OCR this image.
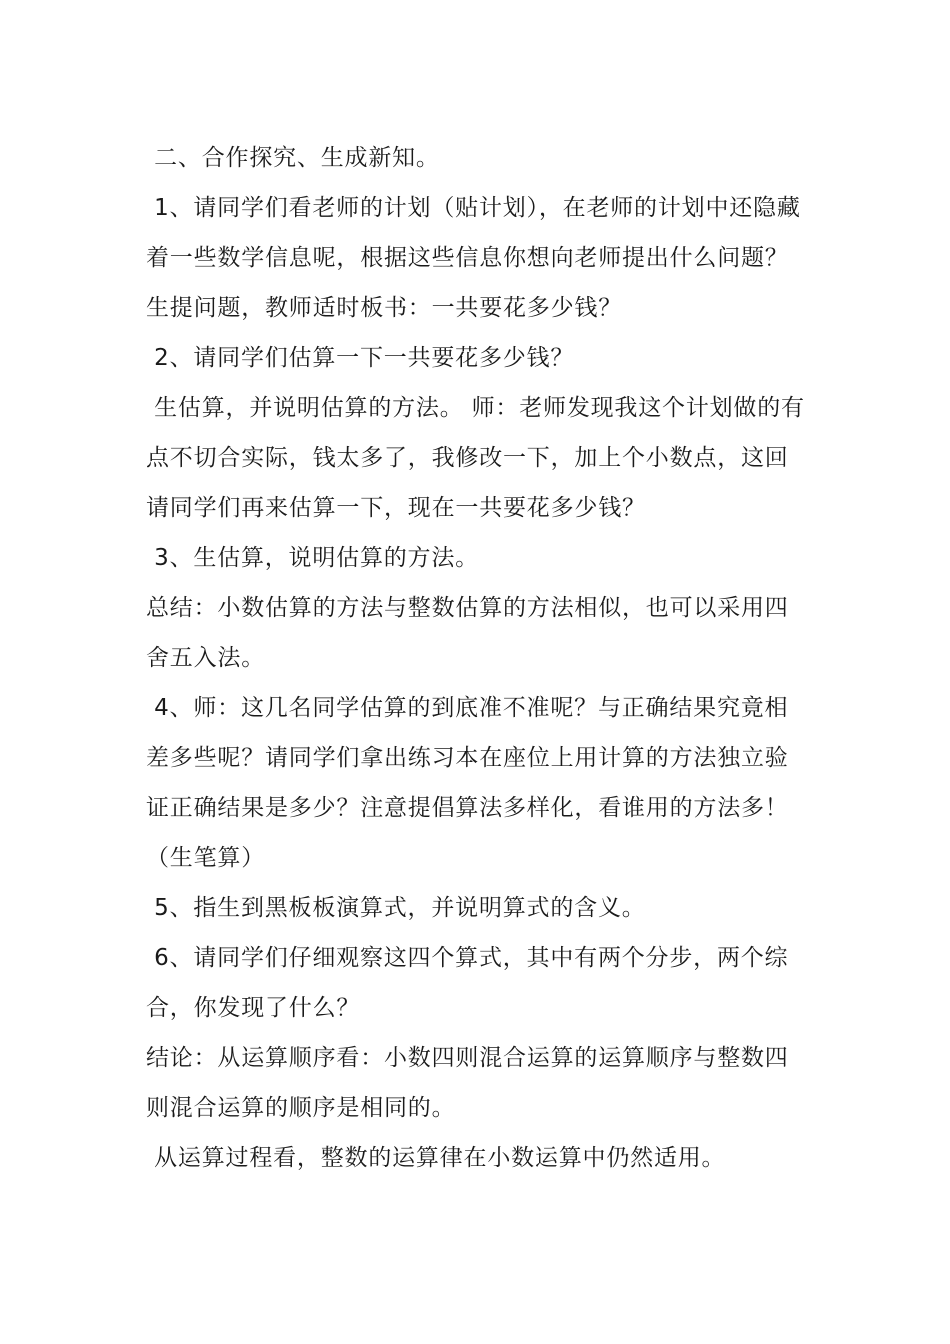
二、合作探究、生成新知。

1、请同学们看老师的计划（贴计划），在老师的计划中还隐藏着一些数学信息呢，根据这些信息你想向老师提出什么问题？

生提问题，教师适时板书：一共要花多少钱？

2、请同学们估算一下一共要花多少钱？

生估算，并说明估算的方法。 师：老师发现我这个计划做的有点不切合实际，钱太多了，我修改一下，加上个小数点，这回请同学们再来估算一下，现在一共要花多少钱？

3、生估算，说明估算的方法。

总结：小数估算的方法与整数估算的方法相似，也可以采用四舍五入法。

4、师：这几名同学估算的到底准不准呢？与正确结果究竟相差多些呢？请同学们拿出练习本在座位上用计算的方法独立验证正确结果是多少？注意提倡算法多样化，看谁用的方法多！（生笔算）

5、指生到黑板板演算式，并说明算式的含义。

6、请同学们仔细观察这四个算式，其中有两个分步，两个综合，你发现了什么？

结论：从运算顺序看：小数四则混合运算的运算顺序与整数四则混合运算的顺序是相同的。

从运算过程看，整数的运算律在小数运算中仍然适用。
